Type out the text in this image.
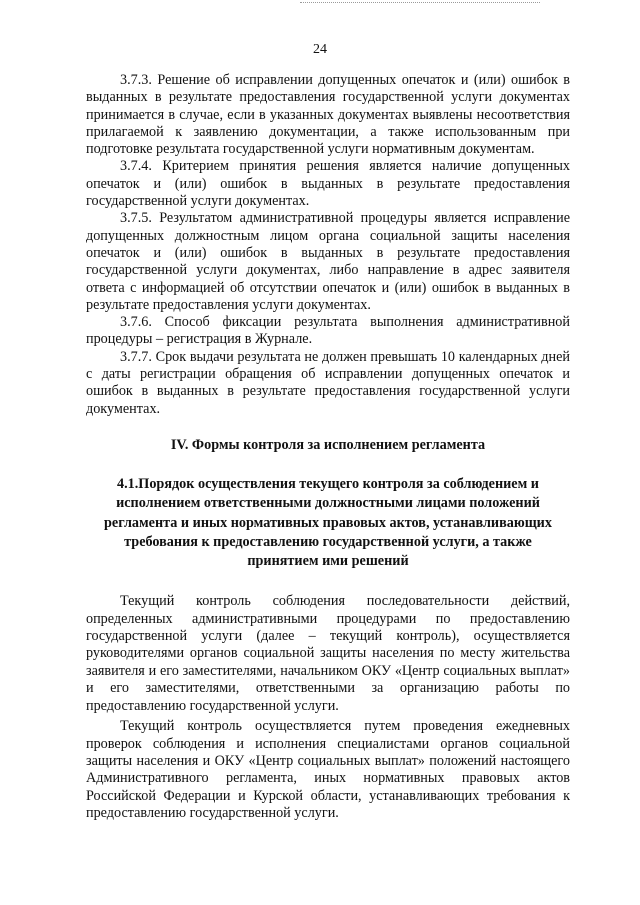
24

3.7.3. Решение об исправлении допущенных опечаток и (или) ошибок в выданных в результате предоставления государственной услуги документах принимается в случае, если в указанных документах выявлены несоответствия прилагаемой к заявлению документации, а также использованным при подготовке результата государственной услуги нормативным документам.

3.7.4. Критерием принятия решения является наличие допущенных опечаток и (или) ошибок в выданных в результате предоставления государственной услуги документах.

3.7.5. Результатом административной процедуры является исправление допущенных должностным лицом органа социальной защиты населения опечаток и (или) ошибок в выданных в результате предоставления государственной услуги документах, либо направление в адрес заявителя ответа с информацией об отсутствии опечаток и (или) ошибок в выданных в результате предоставления услуги документах.

3.7.6. Способ фиксации результата выполнения административной процедуры – регистрация в Журнале.

3.7.7. Срок выдачи результата не должен превышать 10 календарных дней с даты регистрации обращения об исправлении допущенных опечаток и ошибок в выданных в результате предоставления государственной услуги документах.

IV. Формы контроля за исполнением регламента
4.1.Порядок осуществления текущего контроля за соблюдением и
исполнением ответственными должностными лицами положений
регламента и иных нормативных правовых актов, устанавливающих
требования к предоставлению государственной услуги, а также
принятием ими решений

Текущий контроль соблюдения последовательности действий, определенных административными процедурами по предоставлению государственной услуги (далее – текущий контроль), осуществляется руководителями органов социальной защиты населения по месту жительства заявителя и его заместителями, начальником ОКУ «Центр социальных выплат» и его заместителями, ответственными за организацию работы по предоставлению государственной услуги.

Текущий контроль осуществляется путем проведения ежедневных проверок соблюдения и исполнения специалистами органов социальной защиты населения и ОКУ «Центр социальных выплат» положений настоящего Административного регламента, иных нормативных правовых актов Российской Федерации и Курской области, устанавливающих требования к предоставлению государственной услуги.
